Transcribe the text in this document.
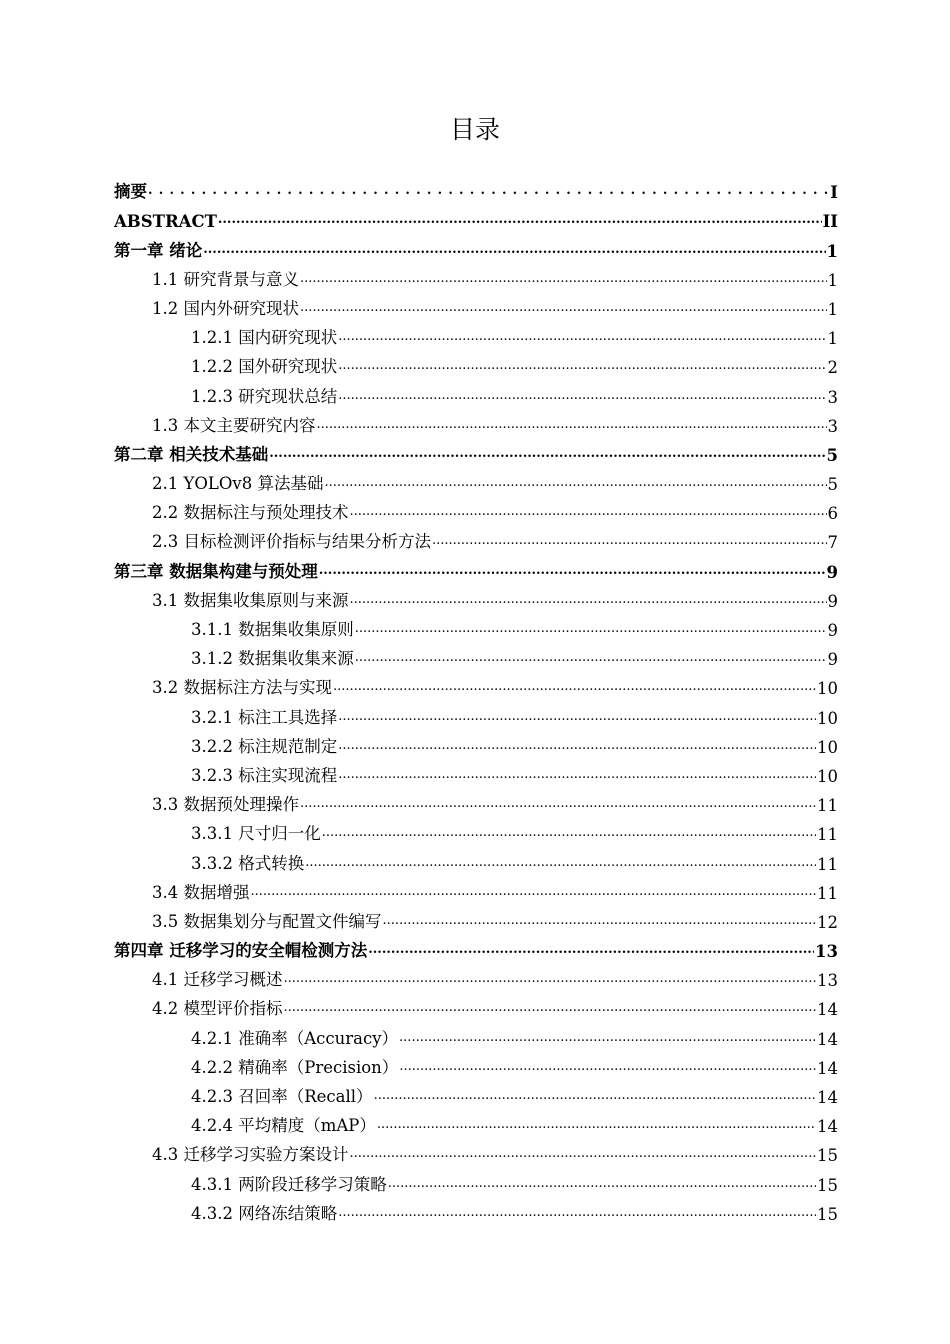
目录
摘要 .....	Ⅰ
ABSTRACT .....	II
第一章 绪论 .....	1
1.1 研究背景与意义 .....	1
1.2 国内外研究现状 .....	1
1.2.1 国内研究现状 .....	1
1.2.2 国外研究现状 .....	2
1.2.3 研究现状总结 .....	3
1.3 本文主要研究内容 .....	3
第二章 相关技术基础 .....	5
2.1 YOLOv8 算法基础 .....	5
2.2 数据标注与预处理技术 .....	6
2.3 目标检测评价指标与结果分析方法 .....	7
第三章 数据集构建与预处理 .....	9
3.1 数据集收集原则与来源 .....	9
3.1.1 数据集收集原则 .....	9
3.1.2 数据集收集来源 .....	9
3.2 数据标注方法与实现 .....	10
3.2.1 标注工具选择 .....	10
3.2.2 标注规范制定 .....	10
3.2.3 标注实现流程 .....	10
3.3 数据预处理操作 .....	11
3.3.1 尺寸归一化 .....	11
3.3.2 格式转换 .....	11
3.4 数据增强 .....	11
3.5 数据集划分与配置文件编写 .....	12
第四章 迁移学习的安全帽检测方法 .....	13
4.1 迁移学习概述 .....	13
4.2 模型评价指标 .....	14
4.2.1 准确率（Accuracy） .....	14
4.2.2 精确率（Precision） .....	14
4.2.3 召回率（Recall） .....	14
4.2.4 平均精度（mAP） .....	14
4.3 迁移学习实验方案设计 .....	15
4.3.1 两阶段迁移学习策略 .....	15
4.3.2 网络冻结策略 .....	15
